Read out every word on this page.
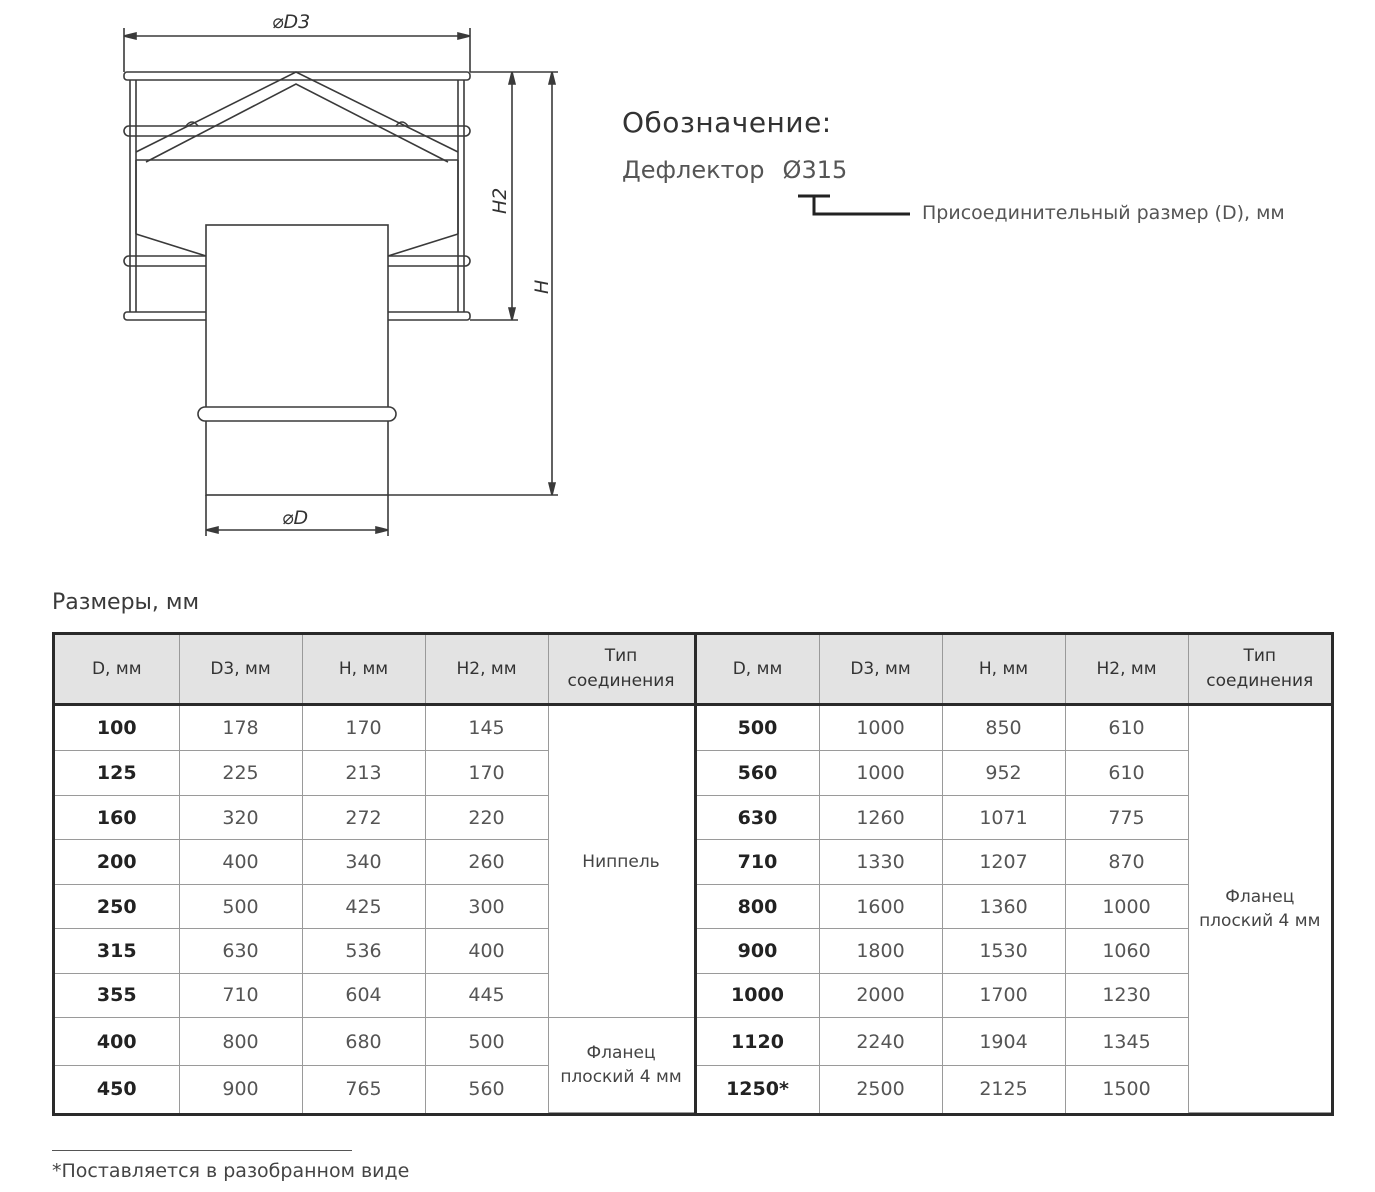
⌀D3
H2
H
⌀D
Обозначение:
Дефлектор Ø315
Присоединительный размер (D), мм
Размеры, мм
D, мм	D3, мм	H, мм	H2, мм	Тип соединения	D, мм	D3, мм	H, мм	H2, мм	Тип соединения
100	178	170	145	Ниппель	500	1000	850	610	Фланец плоский 4 мм
125	225	213	170		560	1000	952	610	
160	320	272	220		630	1260	1071	775	
200	400	340	260		710	1330	1207	870	
250	500	425	300		800	1600	1360	1000	
315	630	536	400		900	1800	1530	1060	
355	710	604	445		1000	2000	1700	1230	
400	800	680	500	Фланец плоский 4 мм	1120	2240	1904	1345	
450	900	765	560		1250*	2500	2125	1500	
*Поставляется в разобранном виде
